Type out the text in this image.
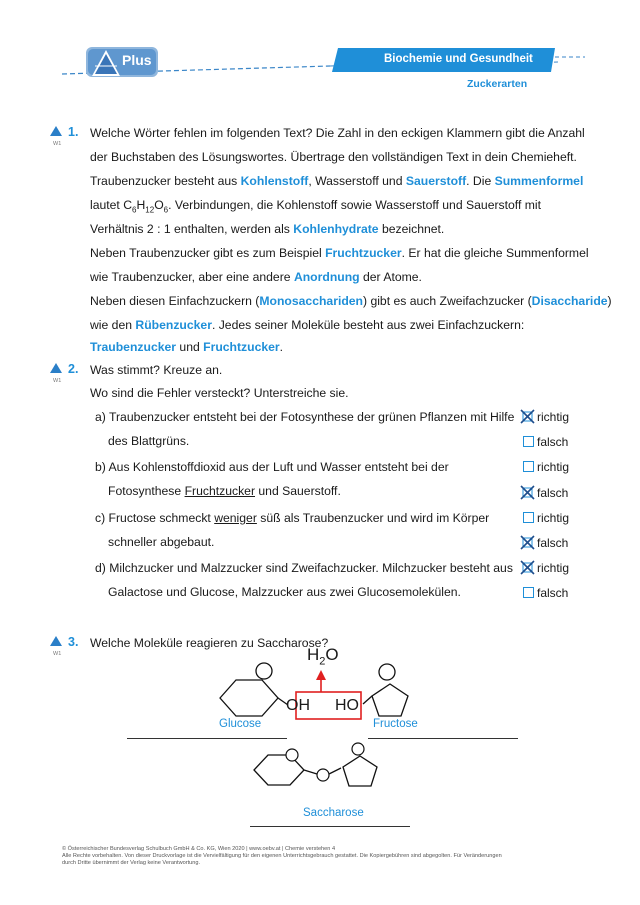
Plus	Biochemie und Gesundheit
Zuckerarten
W1
1. Welche Wörter fehlen im folgenden Text? Die Zahl in den eckigen Klammern gibt die Anzahl
der Buchstaben des Lösungswortes. Übertrage den vollständigen Text in dein Chemieheft.
Traubenzucker besteht aus Kohlenstoff, Wasserstoff und Sauerstoff. Die Summenformel
lautet $C_6H_{12}O_6$. Verbindungen, die Kohlenstoff sowie Wasserstoff und Sauerstoff mit
Verhältnis 2 : 1 enthalten, werden als Kohlenhydrate bezeichnet.
Neben Traubenzucker gibt es zum Beispiel Fruchtzucker. Er hat die gleiche Summenformel
wie Traubenzucker, aber eine andere Anordnung der Atome.
Neben diesen Einfachzuckern (Monosacchariden) gibt es auch Zweifachzucker (Disaccharide)
wie den Rübenzucker. Jedes seiner Moleküle besteht aus zwei Einfachzuckern:
Traubenzucker und Fruchtzucker.
W1
2. Was stimmt? Kreuze an.
Wo sind die Fehler versteckt? Unterstreiche sie.
a) Traubenzucker entsteht bei der Fotosynthese der grünen Pflanzen mit Hilfe
des Blattgrüns.
b) Aus Kohlenstoffdioxid aus der Luft und Wasser entsteht bei der
Fotosynthese Fruchtzucker und Sauerstoff.
c) Fructose schmeckt weniger süß als Traubenzucker und wird im Körper
schneller abgebaut.
d) Milchzucker und Malzzucker sind Zweifachzucker. Milchzucker besteht aus
Galactose und Glucose, Malzzucker aus zwei Glucosemolekülen.
richtig
falsch
richtig
falsch
richtig
falsch
richtig
falsch
W1
3. Welche Moleküle reagieren zu Saccharose?
$H_2O$
OH HO
Glucose	Fructose
Saccharose
© Österreichischer Bundesverlag Schulbuch GmbH & Co. KG, Wien 2020 | www.oebv.at | Chemie verstehen 4
Alle Rechte vorbehalten. Von dieser Druckvorlage ist die Vervielfältigung für den eigenen Unterrichtsgebrauch gestattet. Die Kopiergebühren sind abgegolten. Für Veränderungen
durch Dritte übernimmt der Verlag keine Verantwortung.
